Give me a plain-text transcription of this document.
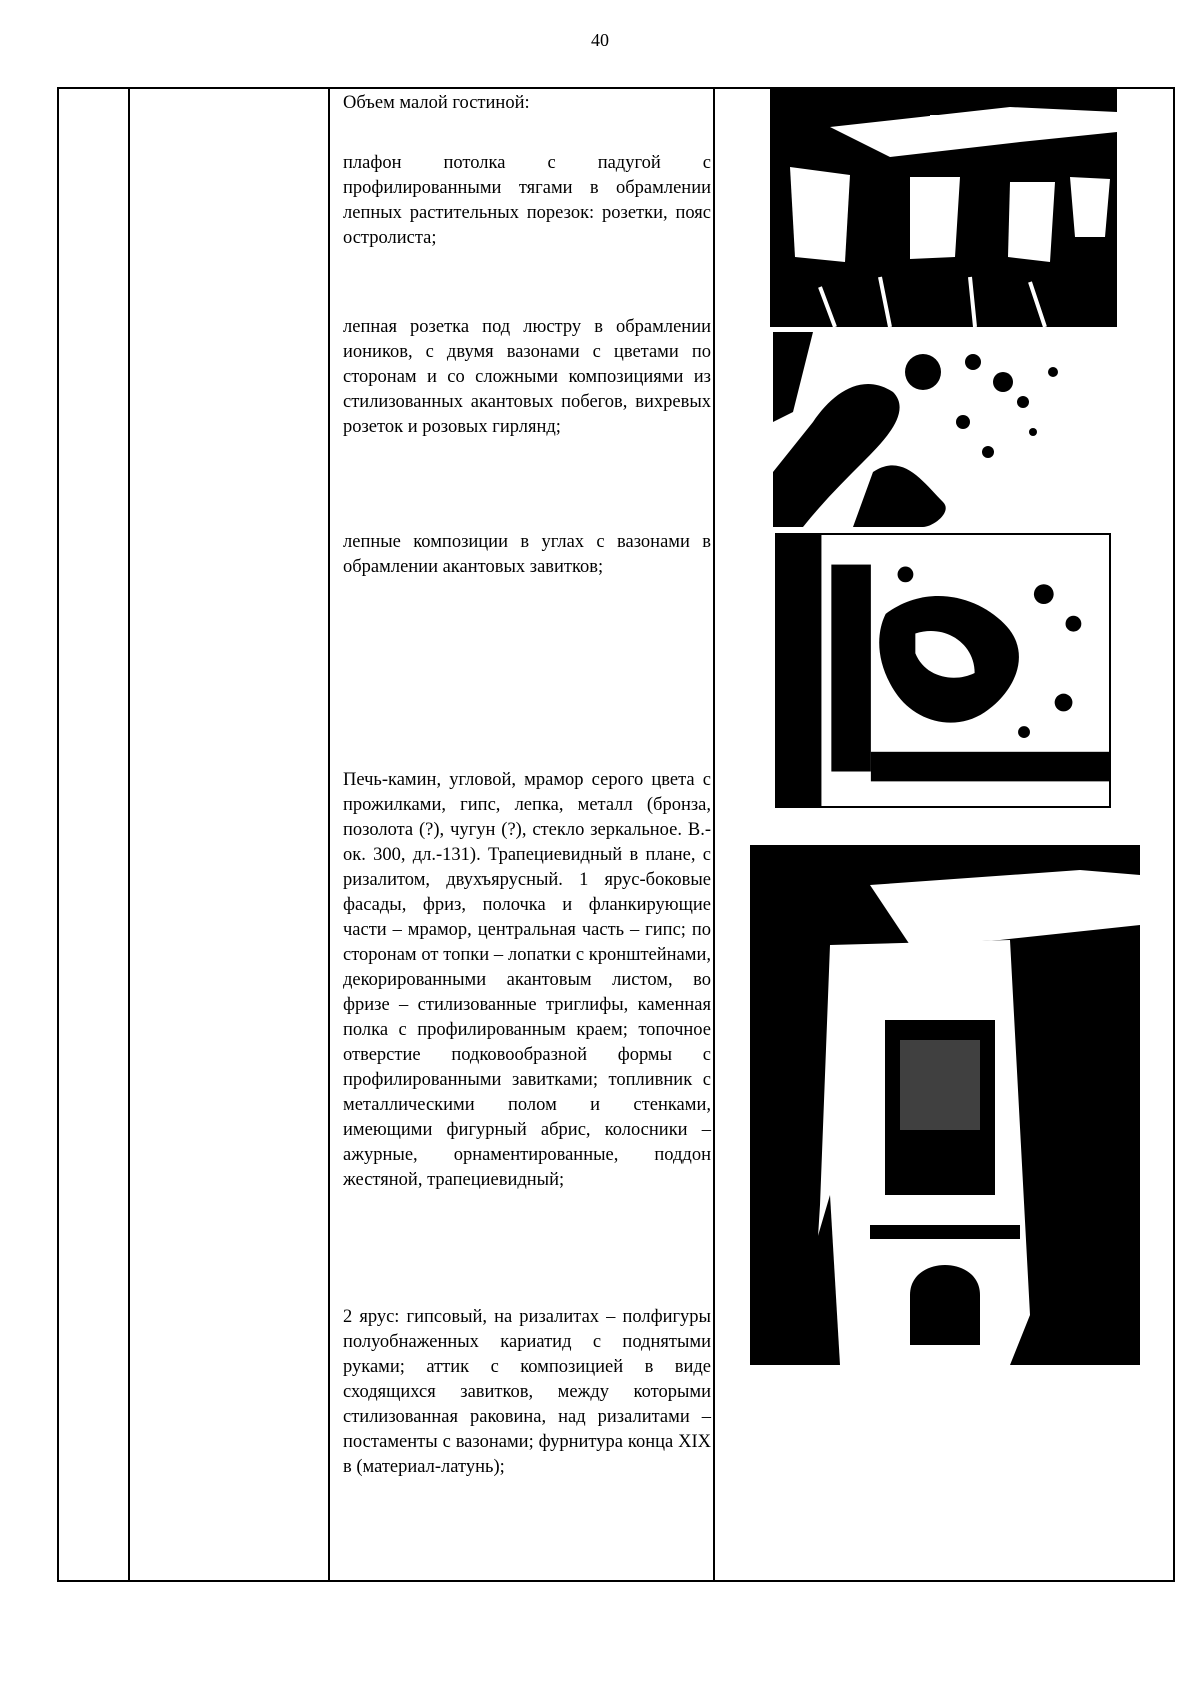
40

Объем малой гостиной:

плафон потолка с падугой с профилированными тягами в обрамлении лепных растительных порезок: розетки, пояс остролиста;

лепная розетка под люстру в обрамлении иоников, с двумя вазонами с цветами по сторонам и со сложными композициями из стилизованных акантовых побегов, вихревых розеток и розовых гирлянд;

лепные композиции в углах с вазонами в обрамлении акантовых завитков;

Печь-камин, угловой, мрамор серого цвета с прожилками, гипс, лепка, металл (бронза, позолота (?), чугун (?), стекло зеркальное. В.-ок. 300, дл.-131). Трапециевидный в плане, с ризалитом, двухъярусный. 1 ярус-боковые фасады, фриз, полочка и фланкирующие части – мрамор, центральная часть – гипс; по сторонам от топки – лопатки с кронштейнами, декорированными акантовым листом, во фризе – стилизованные триглифы, каменная полка с профилированным краем; топочное отверстие подковообразной формы с профилированными завитками; топливник с металлическими полом и стенками, имеющими фигурный абрис, колосники – ажурные, орнаментированные, поддон жестяной, трапециевидный;

2 ярус: гипсовый, на ризалитах – полфигуры полуобнаженных кариатид с поднятыми руками; аттик с композицией в виде сходящихся завитков, между которыми стилизованная раковина, над ризалитами – постаменты с вазонами; фурнитура конца XIX в (материал-латунь);
